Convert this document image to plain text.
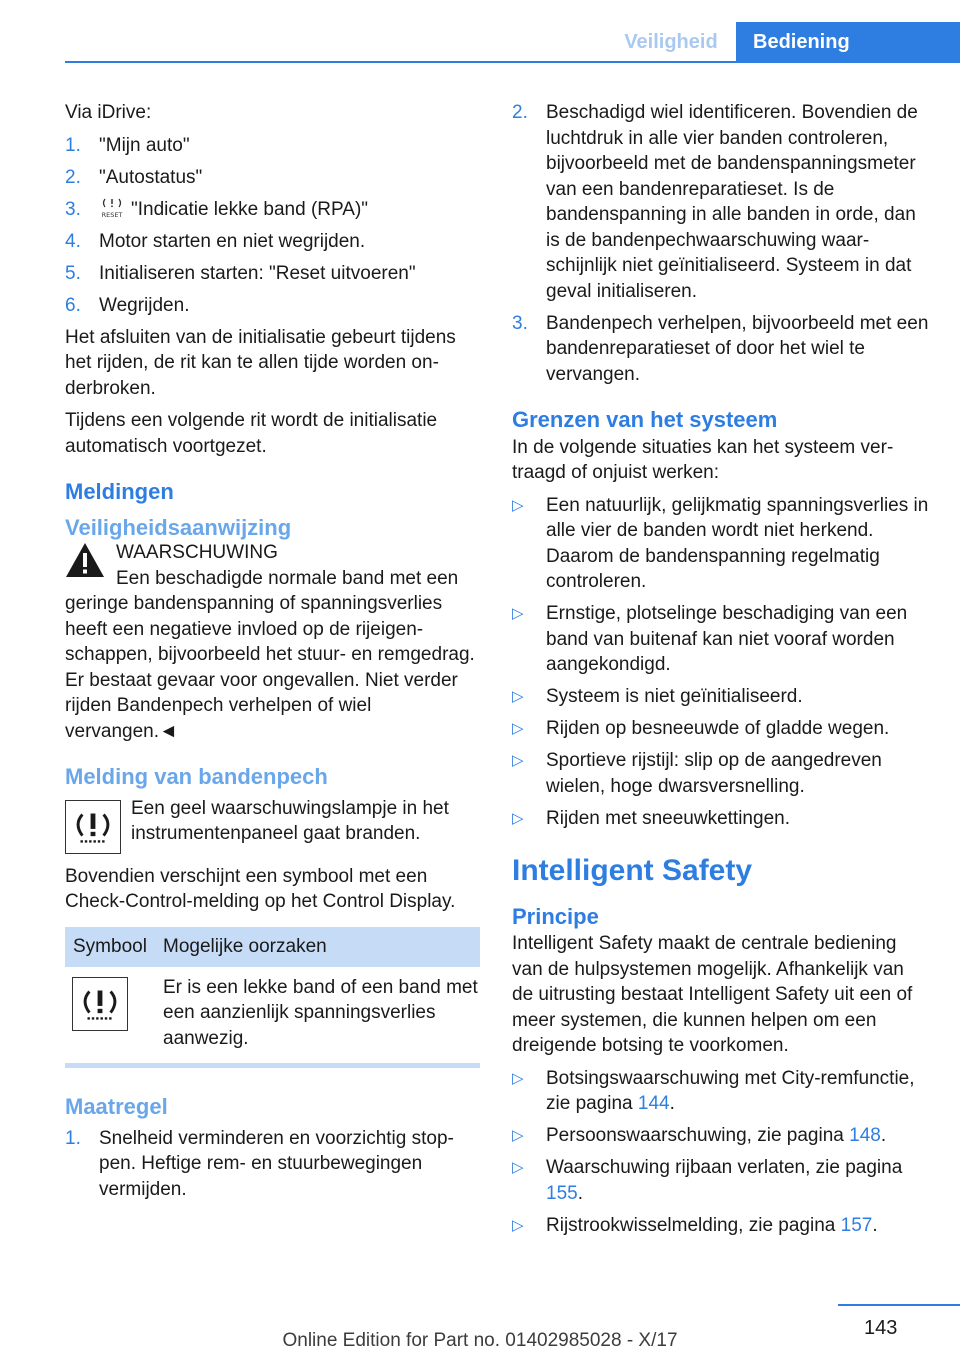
Veiligheid	Bediening

Via iDrive:

1. "Mijn auto"
2. "Autostatus"
3.	RESET "Indicatie lekke band (RPA)"
4. Motor starten en niet wegrijden.
5. Initialiseren starten: "Reset uitvoeren"
6. Wegrijden.

Het afsluiten van de initialisatie gebeurt tijdens het rijden, de rit kan te allen tijde worden onderbroken.

Tijdens een volgende rit wordt de initialisatie automatisch voortgezet.

Meldingen
Veiligheidsaanwijzing
WAARSCHUWING
Een beschadigde normale band met een

geringe bandenspanning of spanningsverlies heeft een negatieve invloed op de rijeigenschappen, bijvoorbeeld het stuur- en remgedrag. Er bestaat gevaar voor ongevallen. Niet verder rijden Bandenpech verhelpen of wiel vervangen.◄

Melding van bandenpech
Een geel waarschuwingslampje in het instrumentenpaneel gaat branden.

Bovendien verschijnt een symbool met een Check-Control-melding op het Control Display.

Symbool	Mogelijke oorzaken
	Er is een lekke band of een band met een aanzienlijk spanningsverlies aanwezig.
Maatregel
1. Snelheid verminderen en voorzichtig stoppen. Heftige rem- en stuurbewegingen vermijden.
2. Beschadigd wiel identificeren. Bovendien de luchtdruk in alle vier banden controleren, bijvoorbeeld met de bandenspanningsmeter van een bandenreparatieset. Is de bandenspanning in alle banden in orde, dan is de bandenpechwaarschuwing waarschijnlijk niet geïnitialiseerd. Systeem in dat geval initialiseren.
3. Bandenpech verhelpen, bijvoorbeeld met een bandenreparatieset of door het wiel te vervangen.
Grenzen van het systeem

In de volgende situaties kan het systeem vertraagd of onjuist werken:

▷ Een natuurlijk, gelijkmatig spanningsverlies in alle vier de banden wordt niet herkend. Daarom de bandenspanning regelmatig controleren.
▷ Ernstige, plotselinge beschadiging van een band van buitenaf kan niet vooraf worden aangekondigd.
▷ Systeem is niet geïnitialiseerd.
▷ Rijden op besneeuwde of gladde wegen.
▷ Sportieve rijstijl: slip op de aangedreven wielen, hoge dwarsversnelling.
▷ Rijden met sneeuwkettingen.
Intelligent Safety
Principe

Intelligent Safety maakt de centrale bediening van de hulpsystemen mogelijk. Afhankelijk van de uitrusting bestaat Intelligent Safety uit een of meer systemen, die kunnen helpen om een dreigende botsing te voorkomen.

▷ Botsingswaarschuwing met City-remfunctie, zie pagina 144.
▷ Persoonswaarschuwing, zie pagina 148.
▷ Waarschuwing rijbaan verlaten, zie pagina 155.
▷ Rijstrookwisselmelding, zie pagina 157.
143
Online Edition for Part no. 01402985028 - X/17
